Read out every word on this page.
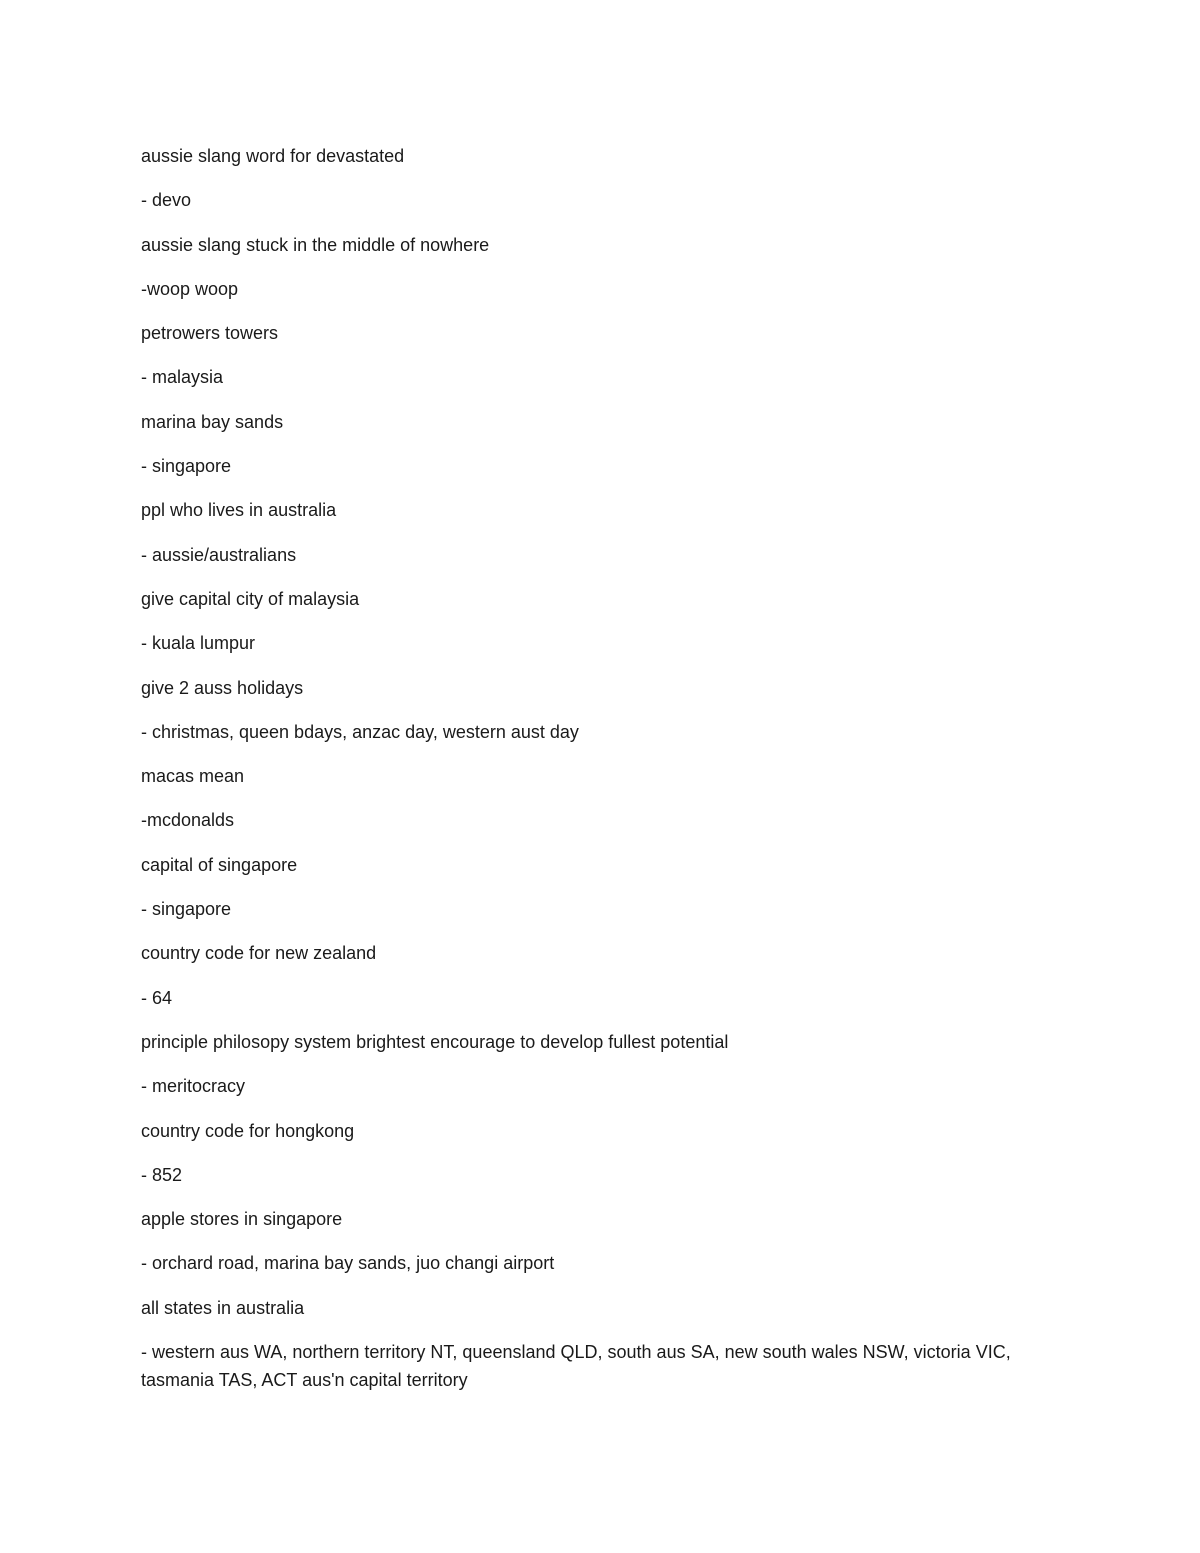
aussie slang word for devastated

- devo

aussie slang stuck in the middle of nowhere

-woop woop

petrowers towers

- malaysia

marina bay sands

- singapore

ppl who lives in australia

- aussie/australians

give capital city of malaysia

- kuala lumpur

give 2 auss holidays

- christmas, queen bdays, anzac day, western aust day

macas mean

-mcdonalds

capital of singapore

- singapore

country code for new zealand

- 64

principle philosopy system brightest encourage to develop fullest potential

- meritocracy

country code for hongkong

- 852

apple stores in singapore

- orchard road, marina bay sands, juo changi airport

all states in australia

- western aus WA, northern territory NT, queensland QLD, south aus SA, new south wales NSW, victoria VIC, tasmania TAS, ACT aus'n capital territory
